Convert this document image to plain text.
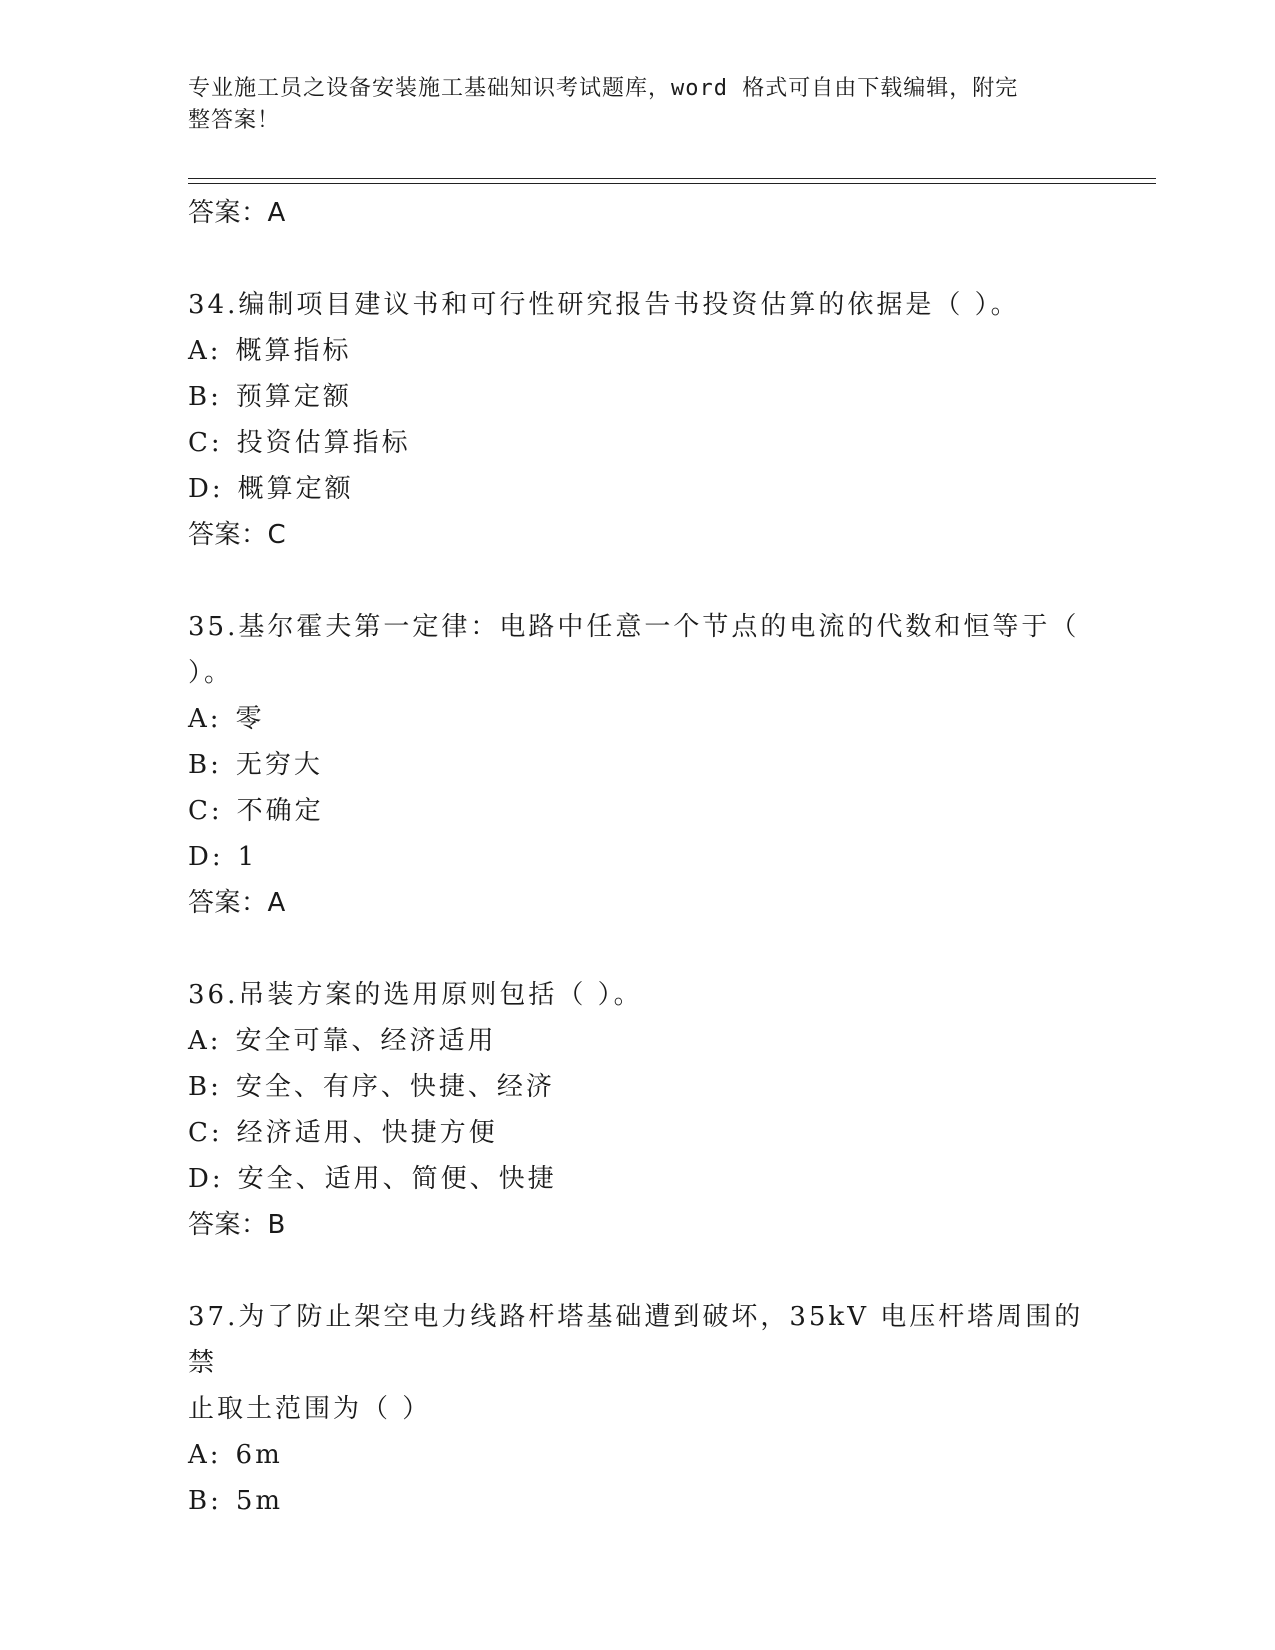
专业施工员之设备安装施工基础知识考试题库，word 格式可自由下载编辑，附完
整答案！
答案：A
34.编制项目建议书和可行性研究报告书投资估算的依据是（ ）。
A: 概算指标
B: 预算定额
C: 投资估算指标
D: 概算定额
答案：C
35.基尔霍夫第一定律：电路中任意一个节点的电流的代数和恒等于（
）。
A: 零
B: 无穷大
C: 不确定
D: 1
答案：A
36.吊装方案的选用原则包括（ ）。
A: 安全可靠、经济适用
B: 安全、有序、快捷、经济
C: 经济适用、快捷方便
D: 安全、适用、简便、快捷
答案：B
37.为了防止架空电力线路杆塔基础遭到破坏，35kV 电压杆塔周围的禁
止取土范围为（ ）
A: 6m
B: 5m
